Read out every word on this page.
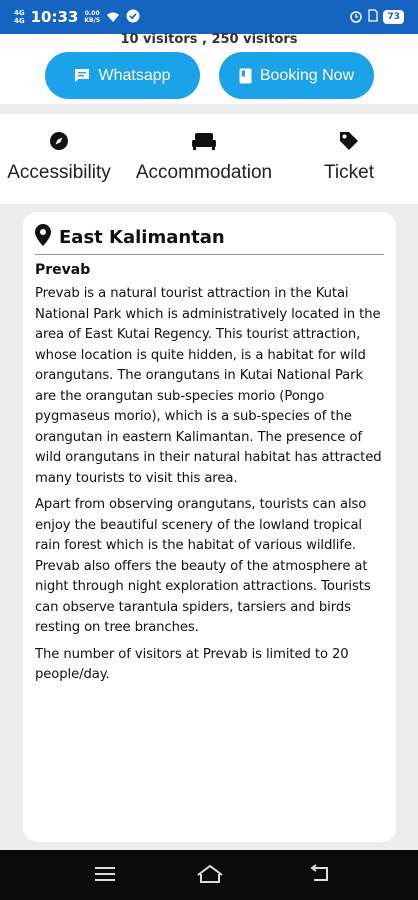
4G
4G 10:33 0.00
KB/S	73
10 visitors , 250 visitors
Whatsapp	Booking Now
Accessibility Accommodation	Ticket
East Kalimantan
Prevab

Prevab is a natural tourist attraction in the Kutai National Park which is administratively located in the area of East Kutai Regency. This tourist attraction, whose location is quite hidden, is a habitat for wild orangutans. The orangutans in Kutai National Park are the orangutan sub-species morio (Pongo pygmaseus morio), which is a sub-species of the orangutan in eastern Kalimantan. The presence of wild orangutans in their natural habitat has attracted many tourists to visit this area.

Apart from observing orangutans, tourists can also enjoy the beautiful scenery of the lowland tropical rain forest which is the habitat of various wildlife. Prevab also offers the beauty of the atmosphere at night through night exploration attractions. Tourists can observe tarantula spiders, tarsiers and birds resting on tree branches.

The number of visitors at Prevab is limited to 20 people/day.
